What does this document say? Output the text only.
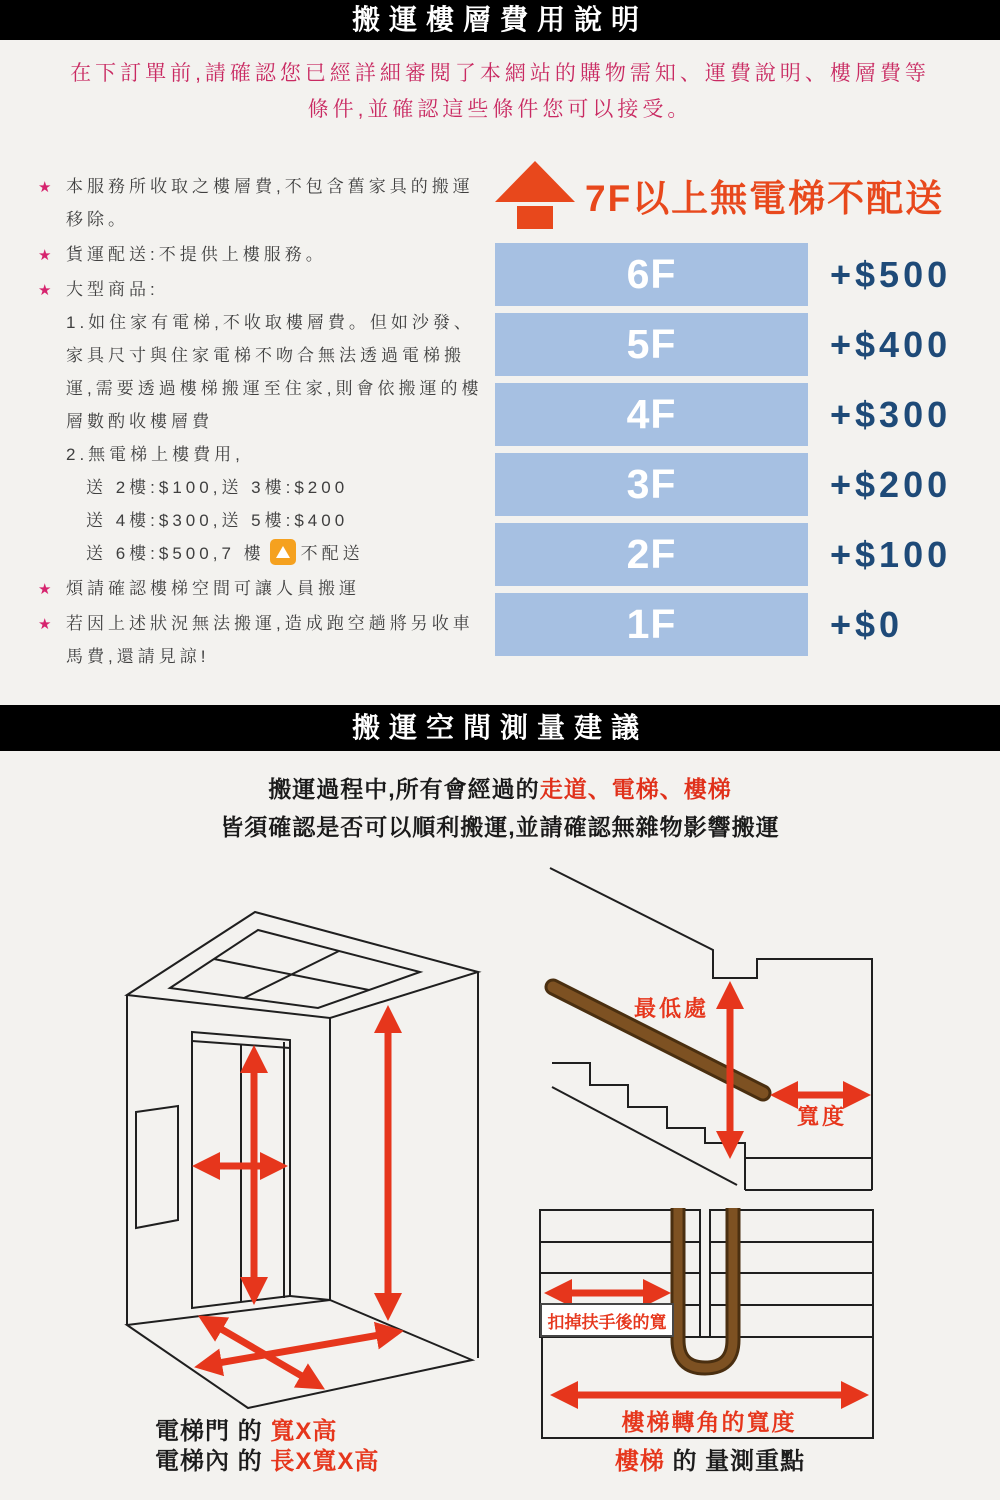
搬運樓層費用說明

在下訂單前,請確認您已經詳細審閱了本網站的購物需知、運費說明、樓層費等

條件,並確認這些條件您可以接受。

★ 本服務所收取之樓層費,不包含舊家具的搬運移除。
★ 貨運配送:不提供上樓服務。
★ 大型商品:
1.如住家有電梯,不收取樓層費。但如沙發、家具尺寸與住家電梯不吻合無法透過電梯搬運,需要透過樓梯搬運至住家,則會依搬運的樓層數酌收樓層費
2.無電梯上樓費用,
送 2樓:$100,送 3樓:$200
送 4樓:$300,送 5樓:$400
送 6樓:$500,7 樓 不配送
★ 煩請確認樓梯空間可讓人員搬運
★ 若因上述狀況無法搬運,造成跑空趟將另收車馬費,還請見諒!
7F以上無電梯不配送
6F	+$500
5F	+$400
4F	+$300
3F	+$200
2F	+$100
1F	+$0
搬運空間測量建議

搬運過程中,所有會經過的走道、電梯、樓梯

皆須確認是否可以順利搬運,並請確認無雜物影響搬運

最低處
寬度
扣掉扶手後的寬
樓梯轉角的寬度
電梯門 的 寬X高
電梯內 的 長X寬X高	樓梯 的 量測重點
